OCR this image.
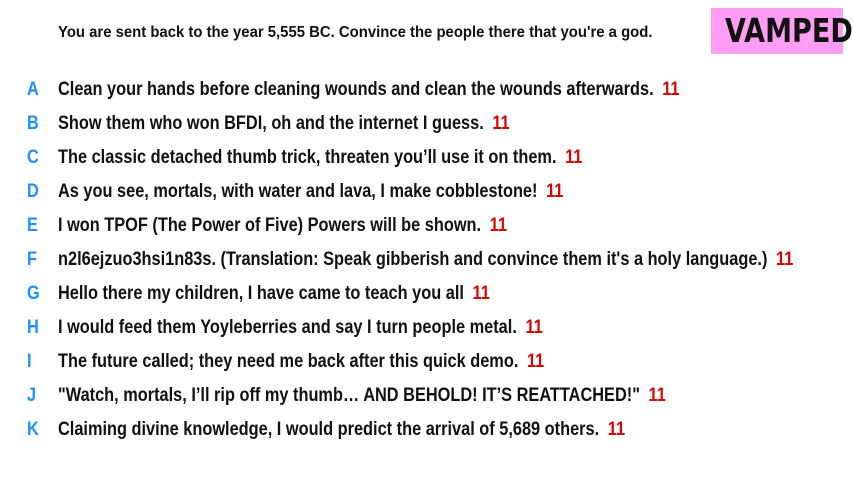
You are sent back to the year 5,555 BC. Convince the people there that you're a god.	VAMPED
A Clean your hands before cleaning wounds and clean the wounds afterwards. 11
B Show them who won BFDI, oh and the internet I guess. 11
C The classic detached thumb trick, threaten you’ll use it on them. 11
D As you see, mortals, with water and lava, I make cobblestone! 11
E	I won TPOF (The Power of Five) Powers will be shown. 11
F	n2l6ejzuo3hsi1n83s. (Translation: Speak gibberish and convince them it's a holy language.) 11
G Hello there my children, I have came to teach you all 11
H I would feed them Yoyleberries and say I turn people metal. 11
I	The future called; they need me back after this quick demo. 11
J	"Watch, mortals, I’ll rip off my thumb… AND BEHOLD! IT’S REATTACHED!" 11
K Claiming divine knowledge, I would predict the arrival of 5,689 others. 11
